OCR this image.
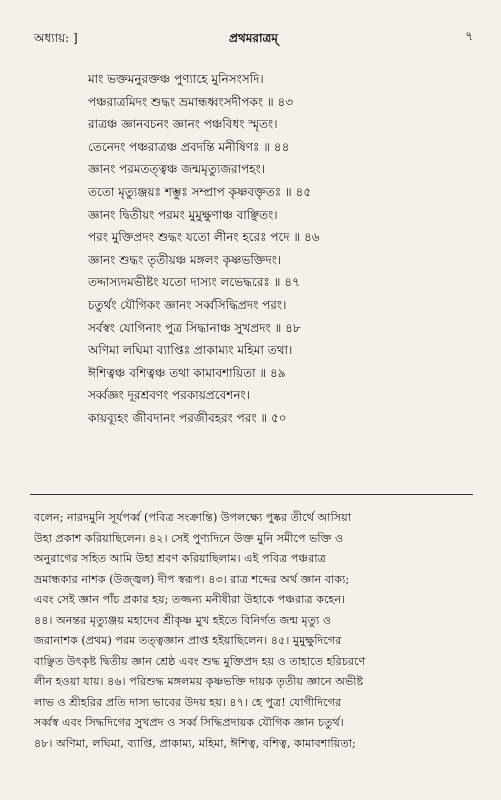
অধ্যায়: ]	প্রথমরাত্রম্	৭
মাং ভক্তমনুরক্তঞ্চ পুণ্যাহে মুনিসংসদি।
পঞ্চরাত্রমিদং শুদ্ধং ভ্রমান্ধধ্বংসদীপকং ॥ ৪৩
রাত্রঞ্চ জ্ঞানবচনং জ্ঞানং পঞ্চবিধং স্মৃতং।
তেনেদং পঞ্চরাত্রঞ্চ প্রবদন্তি মনীষিণঃ ॥ ৪৪
জ্ঞানং পরমতত্ত্বঞ্চ জন্মমৃত্যুজরাপহং।
ততো মৃত্যুঞ্জয়ঃ শম্ভুঃ সম্প্রাপ কৃষ্ণবক্তৃতঃ ॥ ৪৫
জ্ঞানং দ্বিতীয়ং পরমং মুমুক্ষুণাঞ্চ বাঞ্ছিতং।
পরং মুক্তিপ্রদং শুদ্ধং যতো লীনং হরেঃ পদে ॥ ৪৬
জ্ঞানং শুদ্ধং তৃতীয়ঞ্চ মঙ্গলং কৃষ্ণভক্তিদং।
তদ্দাস্যদমভীষ্টং যতো দাস্যং লভেদ্ধরেঃ ॥ ৪৭
চতুর্থং যৌগিকং জ্ঞানং সর্ব্বসিদ্ধিপ্রদং পরং।
সর্বস্বং যোগিনাং পুত্র সিদ্ধানাঞ্চ সুখপ্রদং ॥ ৪৮
অণিমা লঘিমা ব্যাপ্তিঃ প্রাকাম্যং মহিমা তথা।
ঈশিত্বঞ্চ বশিত্বঞ্চ তথা কামাবশায়িতা ॥ ৪৯
সর্ব্বজ্ঞং দূরশ্রবণং পরকায়প্রবেশনং।
কায়ব্যূহং জীবদানং পরজীবহরং পরং ॥ ৫০
বলেন; নারদমুনি সূর্যপর্ব্ব (পবিত্র সংক্রান্তি) উপলক্ষ্যে পুষ্কর তীর্থে আসিয়া
উহা প্রকাশ করিয়াছিলেন। ৪২। সেই পুণ্যদিনে উক্ত মুনি সমীপে ভক্তি ও
অনুরাগের সহিত আমি উহা শ্রবণ করিয়াছিলাম। এই পবিত্র পঞ্চরাত্র
ভ্রমান্ধকার নাশক (উজ্জ্বল) দীপ স্বরূপ। ৪৩। রাত্র শব্দের অর্থ জ্ঞান বাক্য;
এবং সেই জ্ঞান পাঁচ প্রকার হয়; তজ্জন্য মনীষীরা উহাকে পঞ্চরাত্র কহেন।
৪৪। অনন্তর মৃত্যুঞ্জয় মহাদেব শ্রীকৃষ্ণ মুখ হইতে বিনির্গত জন্ম মৃত্যু ও
জরানাশক (প্রথম) পরম তত্ত্বজ্ঞান প্রাপ্ত হইয়াছিলেন। ৪৫। মুমুক্ষুদিগের
বাঞ্ছিত উৎকৃষ্ট দ্বিতীয় জ্ঞান শ্রেষ্ঠ এবং শুদ্ধ মুক্তিপ্রদ হয় ও তাহাতে হরিচরণে
লীন হওয়া যায়। ৪৬। পরিশুদ্ধ মঙ্গলময় কৃষ্ণভক্তি দায়ক তৃতীয় জ্ঞানে অভীষ্ট
লাভ ও শ্রীহরির প্রতি দাস্য ভাবের উদয় হয়। ৪৭। হে পুত্র! যোগীদিগের
সর্ব্বস্ব এবং সিদ্ধদিগের সুখপ্রদ ও সর্ব্ব সিদ্ধিপ্রদায়ক যৌগিক জ্ঞান চতুর্থ।
৪৮। অণিমা, লঘিমা, ব্যাপ্তি, প্রাকাম্য, মহিমা, ঈশিত্ব, বশিত্ব, কামাবশায়িতা;
